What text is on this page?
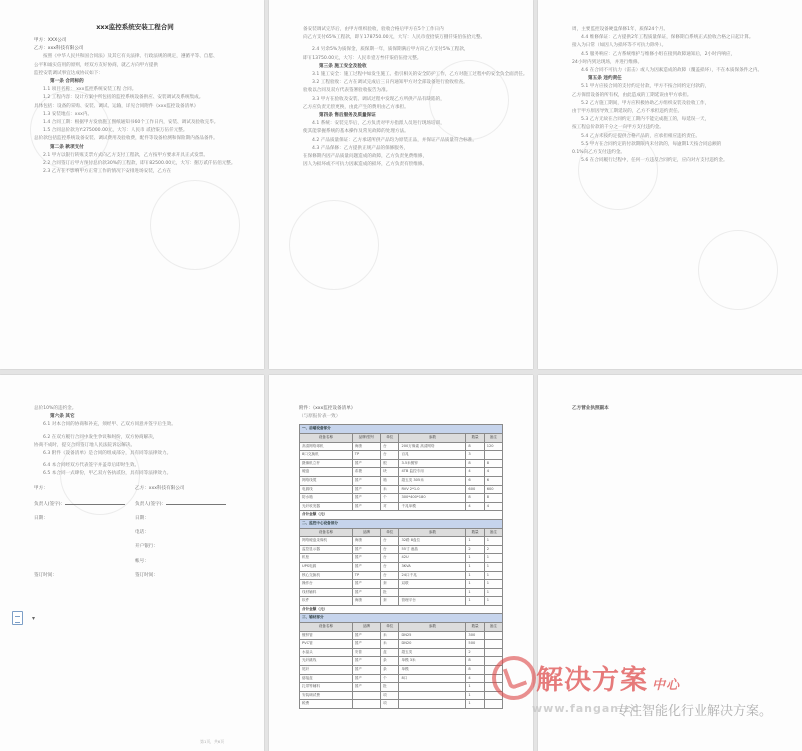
xxx监控系统安装工程合同
甲方：XXX公司
乙方：xxx科技有限公司
按照《中华人民共和国合同法》及其它有关法律、行政法规的规定，遵循平等、自愿、
公平和诚实信用的原则，经双方友好协商，就乙方向甲方提供
监控安装调试事宜达成协议如下：
第一条 合同标的
1.1 项目名称： xxx监控系统安装工程 合同。
1.2 工程内容：设计方案中所包括的监控系统设备供应、安装调试及系统集成。
具体包括：设备的采购、安装、调试、运输，详见合同附件《xxx监控设备清单》
1.3 安装地点：xxx内。
1.4 合同工期：根据甲方发放施工图纸通知书60个工作日内，安装、调试及验收完毕。
1.5 合同总价款为Y:275000.00元，大写：人民币 贰拾柒万伍仟元整。
总价款包括监控系统设备安装、调试费用及验收费，配件等设备检测和保险期内备品备件。
第二条 款项支付
2.1 甲方以银行转账支票方式向乙方支付工程款，乙方按甲方要求开具正式发票。
2.2 合同签订后甲方预付总价款30%的工程款，即￥82500.00元，大写：捌万贰仟伍佰元整。
2.3 乙方在不影响甲方正常工作的情况下安排进场安装，乙方在
备安装调试完毕后，由甲方组织验收，验收合格后甲方在5个工作日内
向乙方支付65%工程款，即￥178750.00元，大写：人民币壹拾柒万捌仟柒佰伍拾元整。
2.4 另余5%为质保金，质保期一年，质保期满后甲方向乙方支付5%工程款，
即￥13750.00元，大写：人民币壹万叁仟柒佰伍拾元整。
第三条 施工安全及验收
3.1 施工安全：施工过程中如发生施工、指引相关的安全防护工作，乙方对施工过程中的安全负全面责任。
3.2 工程验收：乙方在调试完成后三日内通知甲方对全部设备进行验收检查。
验收以合同及双方代表签署验收报告为准。
3.3 甲方在验收及安装、调试过程中发现乙方所供产品有缺陷的，
乙方应负责无偿更换，由此产生的费用由乙方承担。
第四条 售后服务及质量保证
4.1 系统：安装完毕后，乙方负责对甲方指派人员进行现场培训，
使其能掌握系统的基本操作及常见故障的处理方法。
4.2 产品质量保证：乙方承诺所供产品均为原装正品，并保证产品质量符合标准。
4.3 产品保修：乙方提供正规产品的保修服务，
在保修期内因产品质量问题造成的故障，乙方负责免费维修，
因人为损坏或不可抗力因素造成的损坏，乙方负责有偿维修。
周，主要监控设备硬盘保修1年，质保24个月。
4.4 维修保证：乙方提供2年工程质量保证，保修期自系统正式验收合格之日起计算。
接入为日常（如因人为损坏等不可抗力除外）。
4.5 服务响应：乙方系统维护与维修小组在接到故障通知后，2小时内响应，
24小时内到达现场，并进行维修。
4.6 在合同不可抗力（雷击）或人为因素造成的故障（覆盖损坏），不在本质保条件之内。
第五条 违约责任
5.1 甲方应按合同的支付约定付款，甲方不按合同约定付款的，
乙方保留设备的所有权，由此造成的工期延误由甲方承担。
5.2 乙方施工期间，甲方应积极协助乙方组织安装及验收工作，
由于甲方原因导致工期延误的，乙方不承担违约责任。
5.3 乙方无故在合同约定工期内不能完成施工的，每延误一天，
按工程总价款的千分之一向甲方支付违约金。
5.4 乙方未按约定提供合格产品的，应承担相应违约责任。
5.5 甲方在合同约定的付款期限内未付款的，每逾期1天按合同总额的
0.1%向乙方支付违约金。
5.6 在合同履行过程中，任何一方违反合同约定，应向对方支付违约金。
总价10%的违约金。
第六条 其它
6.1 对本合同的协商和补充，须经甲、乙双方同意并签字后生效。
6.2 在双方履行合同中发生争议和纠纷，双方协商解决，
协商不成时，提交合同签订地人民法院诉讼解决。
6.3 附件《设备清单》是合同的组成部分，具有同等法律效力。
6.4 本合同经双方代表签字并盖章后即时生效。
6.5 本合同一式肆份，甲乙双方各执贰份，具有同等法律效力。
甲方：	乙方：xxx科技有限公司
负责人(签字)：	负责人(签字)：
日期：	日期：
电话：
开户银行：
帐号：
签订时间：	签订时间：
▾
第1页，共6页
附件：《xxx监控设备清单》
（与原报价表一致）
一、前端设备部分					
设备名称	品牌/型号	单位	参数	数量	备注
高清网络球机	海康	台	200万像素 高清网络	8	120
8口交换机	TP	台	百兆	3	
摄像机立杆	国产	根	3.5米镀锌	8	8
硬盘	希捷	块	4TB 监控专用	4	4
网络线缆	国产	箱	超五类 305米	6	6
电源线	国产	米	RVV 2*1.0	600	600
防水箱	国产	个	300*400*180	8	8
光纤收发器	国产	对	千兆单模	4	4
合计金额（元）					
二、监控中心设备部分					
设备名称	品牌	单位	参数	数量	备注
网络硬盘录像机	海康	台	32路 8盘位	1	1
监控显示器	国产	台	55寸 液晶	2	2
机柜	国产	台	42U	1	1
UPS电源	国产	台	3KVA	1	1
核心交换机	TP	台	24口千兆	1	1
操作台	国产	套	双联	1	1
线材辅料	国产	批		1	1
软件	海康	套	管理平台	1	1
合计金额（元）					
三、辅材部分					
设备名称	品牌	单位	参数	数量	备注
镀锌管	国产	米	DN25	300	
PVC管	国产	米	DN20	500	
水晶头	安普	盒	超五类	2	
光纤跳线	国产	条	单模 3米	8	
尾纤	国产	条	单模	8	
熔接盒	国产	个	8口	4	
扎带等辅料	国产	批		1	
安装调试费		项		1	
税费		项		1	
乙方营业执照副本
解决方案 中心
www.fangan.cc
专注智能化行业解决方案。
